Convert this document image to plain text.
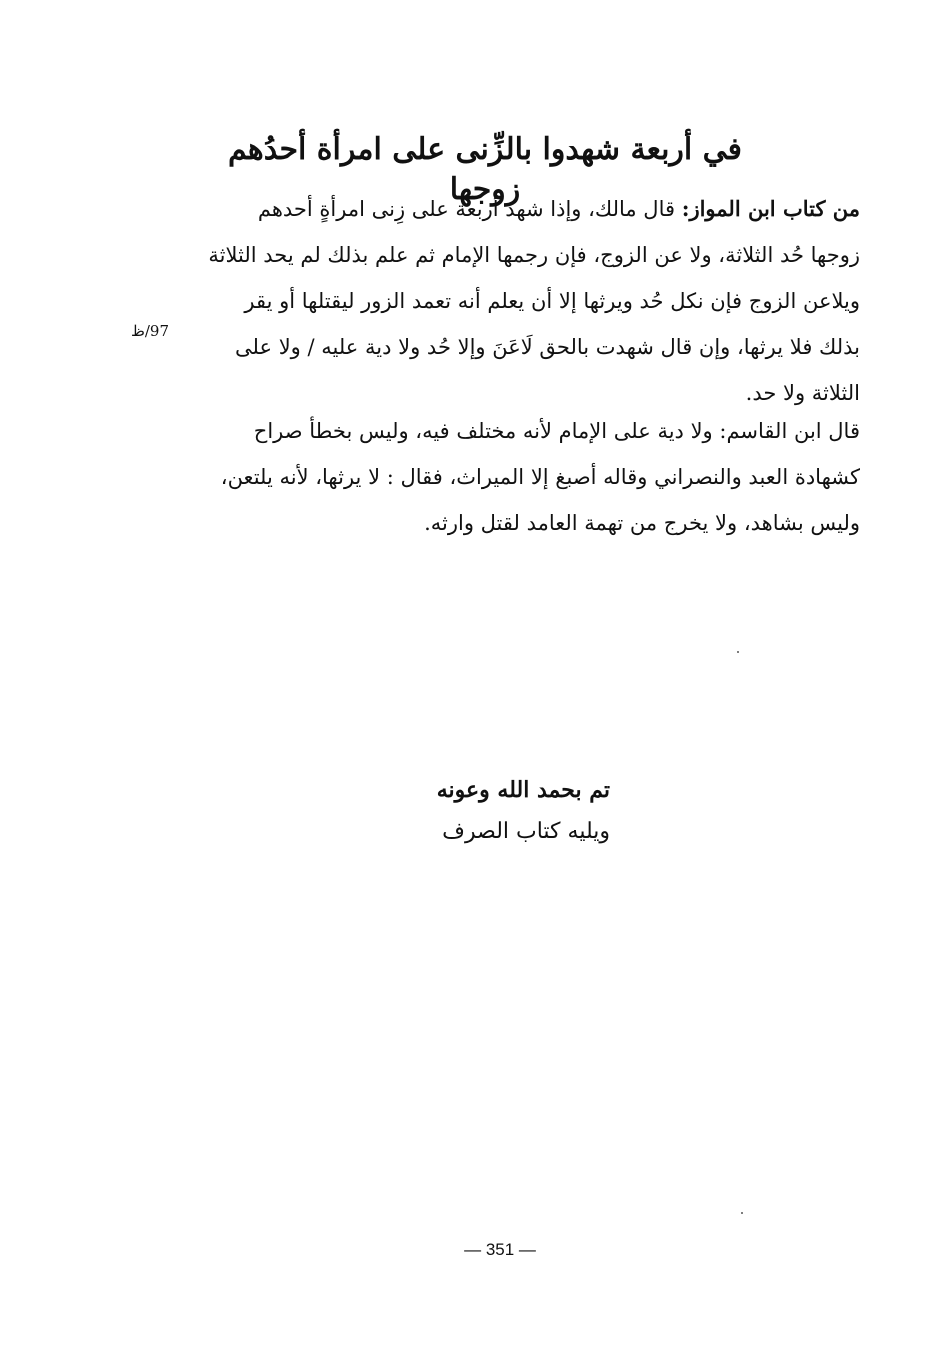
في أربعة شهدوا بالزِّنى على امرأة أحدُهم زوجها
من كتاب ابن المواز: قال مالك، وإذا شهد أربعة على زِنى امرأةٍ أحدهم
زوجها حُد الثلاثة، ولا عن الزوج، فإن رجمها الإمام ثم علم بذلك لم يحد الثلاثة
ويلاعن الزوج فإن نكل حُد ويرثها إلا أن يعلم أنه تعمد الزور ليقتلها أو يقر
بذلك فلا يرثها، وإن قال شهدت بالحق لَاعَنَ وإلا حُد ولا دية عليه / ولا على
الثلاثة ولا حد.
97/ظ
قال ابن القاسم: ولا دية على الإمام لأنه مختلف فيه، وليس بخطأ صراح
كشهادة العبد والنصراني وقاله أصبغ إلا الميراث، فقال : لا يرثها، لأنه يلتعن،
وليس بشاهد، ولا يخرج من تهمة العامد لقتل وارثه.
تم بحمد الله وعونه
ويليه كتاب الصرف
— 351 —
